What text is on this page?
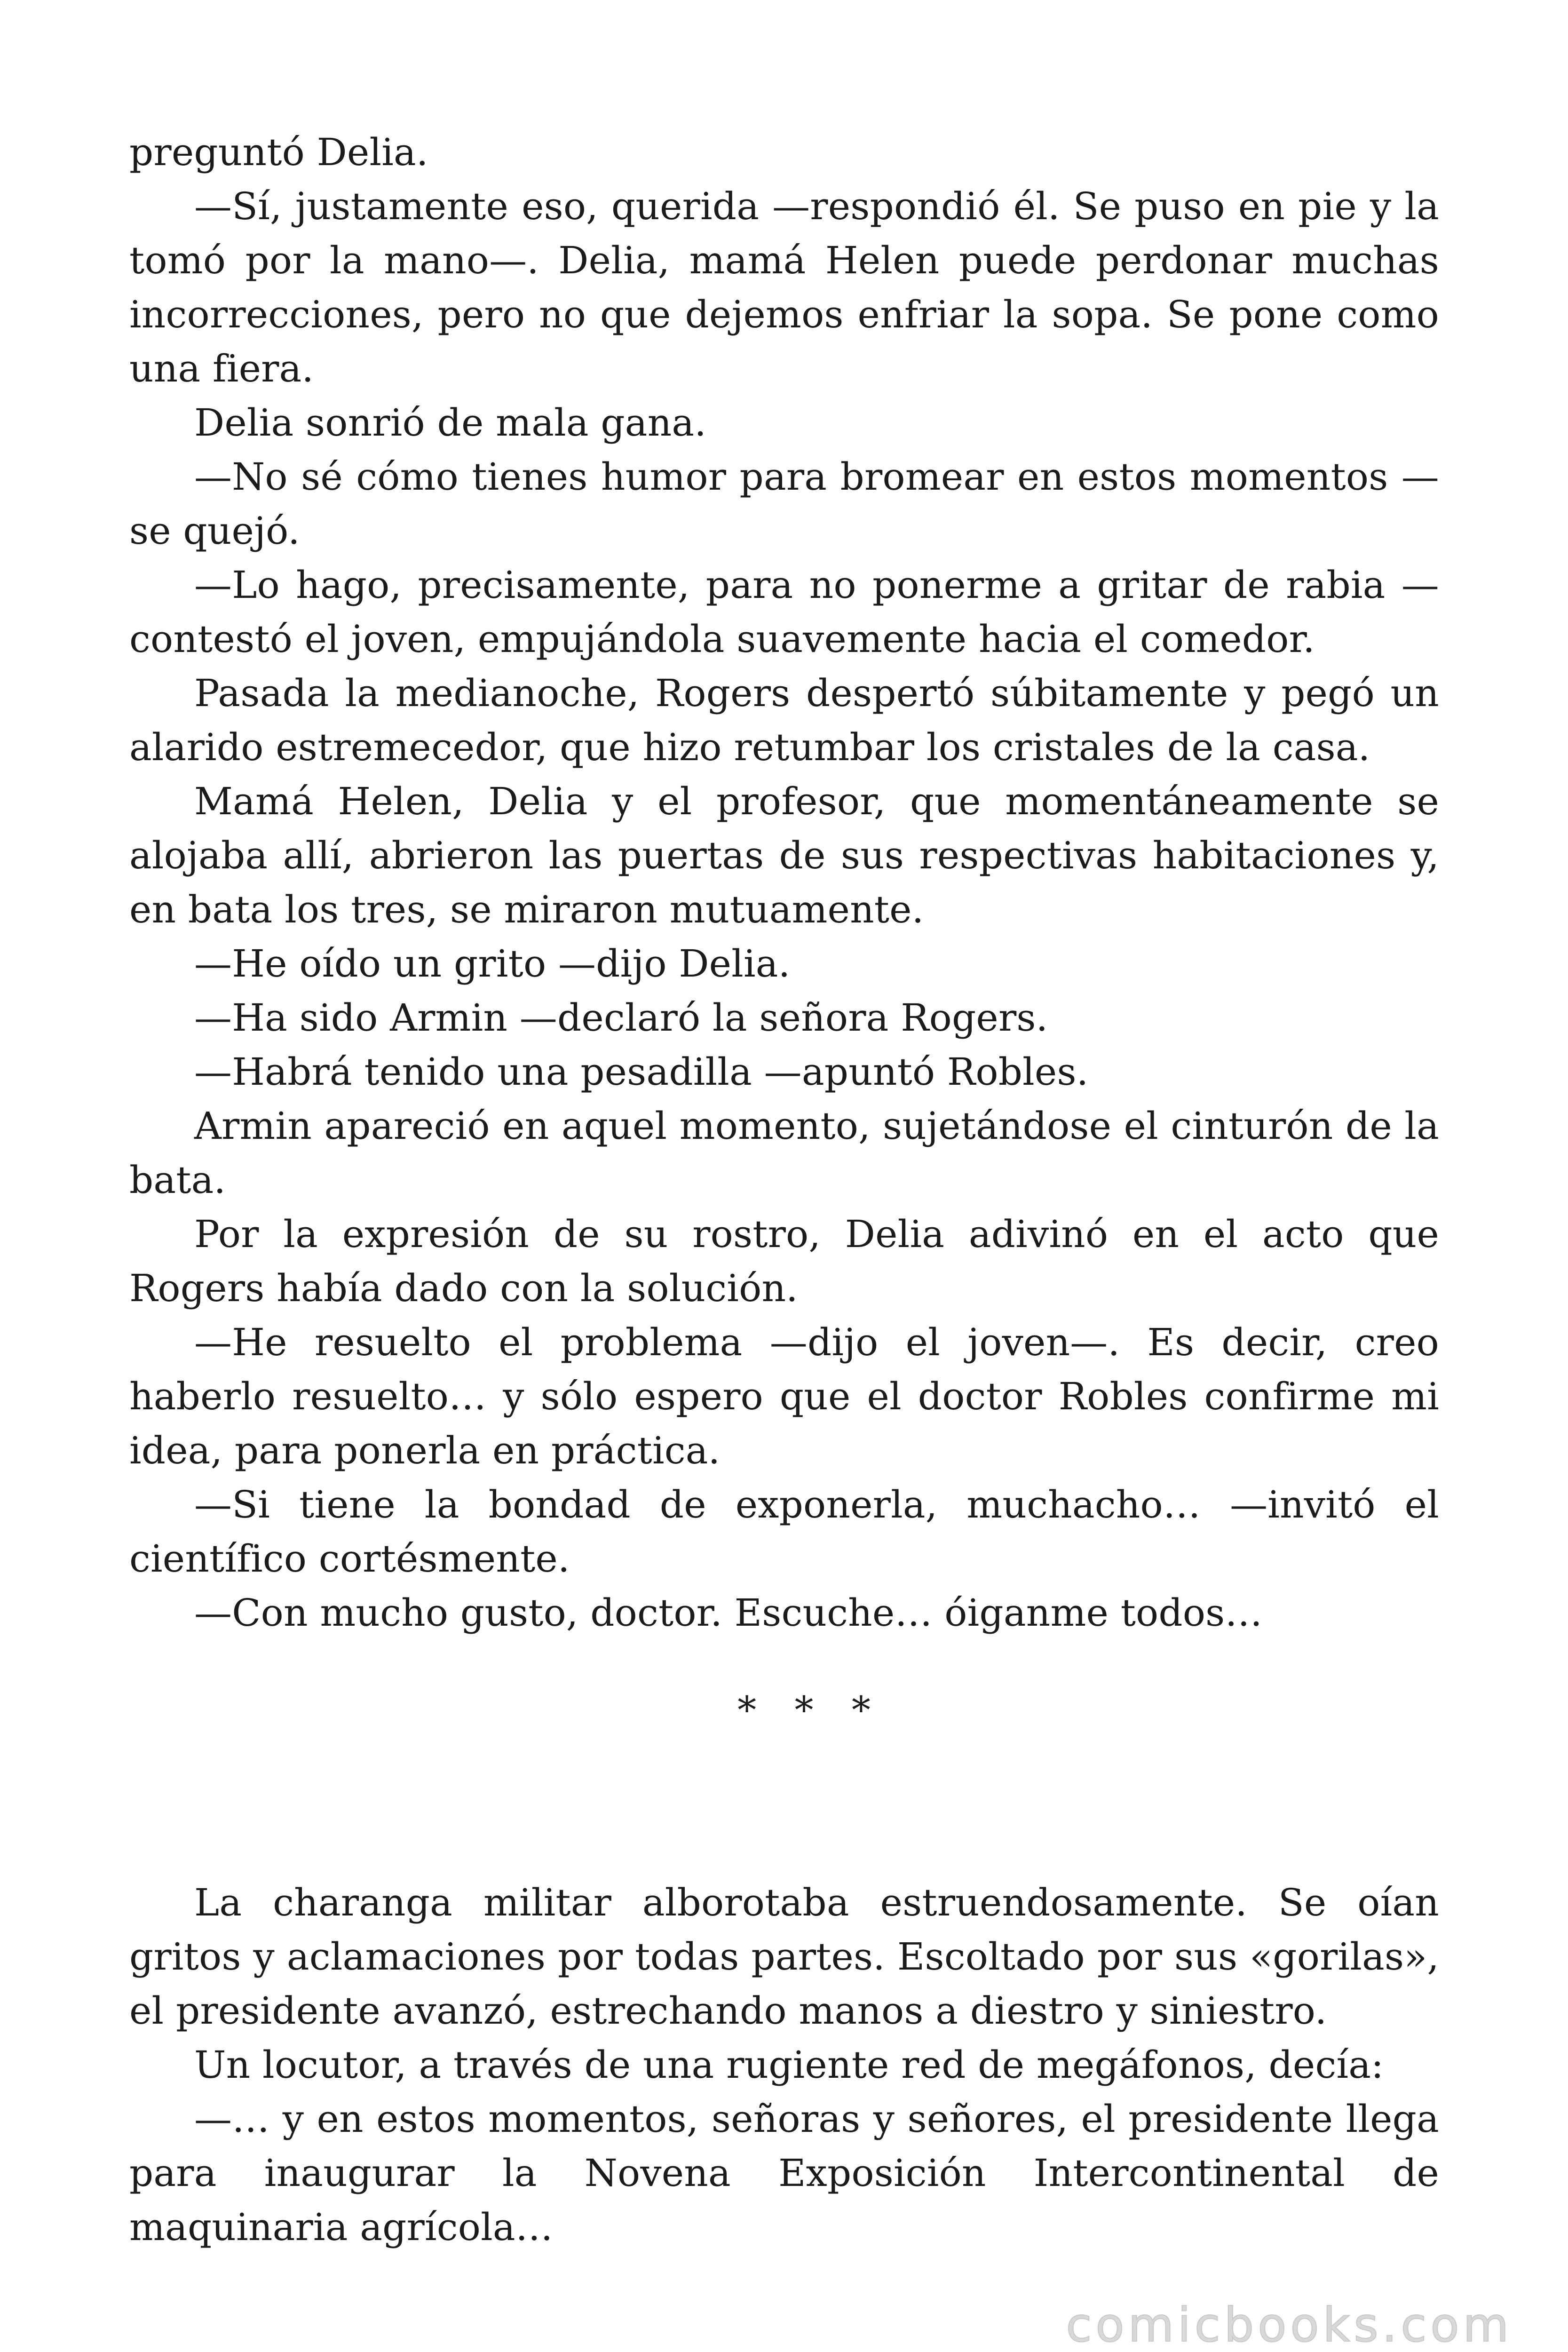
preguntó Delia.

—Sí, justamente eso, querida —respondió él. Se puso en pie y la tomó por la mano—. Delia, mamá Helen puede perdonar muchas incorrecciones, pero no que dejemos enfriar la sopa. Se pone como una fiera.

Delia sonrió de mala gana.

—No sé cómo tienes humor para bromear en estos momentos —se quejó.

—Lo hago, precisamente, para no ponerme a gritar de rabia —contestó el joven, empujándola suavemente hacia el comedor.

Pasada la medianoche, Rogers despertó súbitamente y pegó un alarido estremecedor, que hizo retumbar los cristales de la casa.

Mamá Helen, Delia y el profesor, que momentáneamente se alojaba allí, abrieron las puertas de sus respectivas habitaciones y, en bata los tres, se miraron mutuamente.

—He oído un grito —dijo Delia.

—Ha sido Armin —declaró la señora Rogers.

—Habrá tenido una pesadilla —apuntó Robles.

Armin apareció en aquel momento, sujetándose el cinturón de la bata.

Por la expresión de su rostro, Delia adivinó en el acto que Rogers había dado con la solución.

—He resuelto el problema —dijo el joven—. Es decir, creo haberlo resuelto… y sólo espero que el doctor Robles confirme mi idea, para ponerla en práctica.

—Si tiene la bondad de exponerla, muchacho… —invitó el científico cortésmente.

—Con mucho gusto, doctor. Escuche… óiganme todos…

* * *

La charanga militar alborotaba estruendosamente. Se oían gritos y aclamaciones por todas partes. Escoltado por sus «gorilas», el presidente avanzó, estrechando manos a diestro y siniestro.

Un locutor, a través de una rugiente red de megáfonos, decía:

—… y en estos momentos, señoras y señores, el presidente llega para inaugurar la Novena Exposición Intercontinental de maquinaria agrícola…

comicbooks.com
